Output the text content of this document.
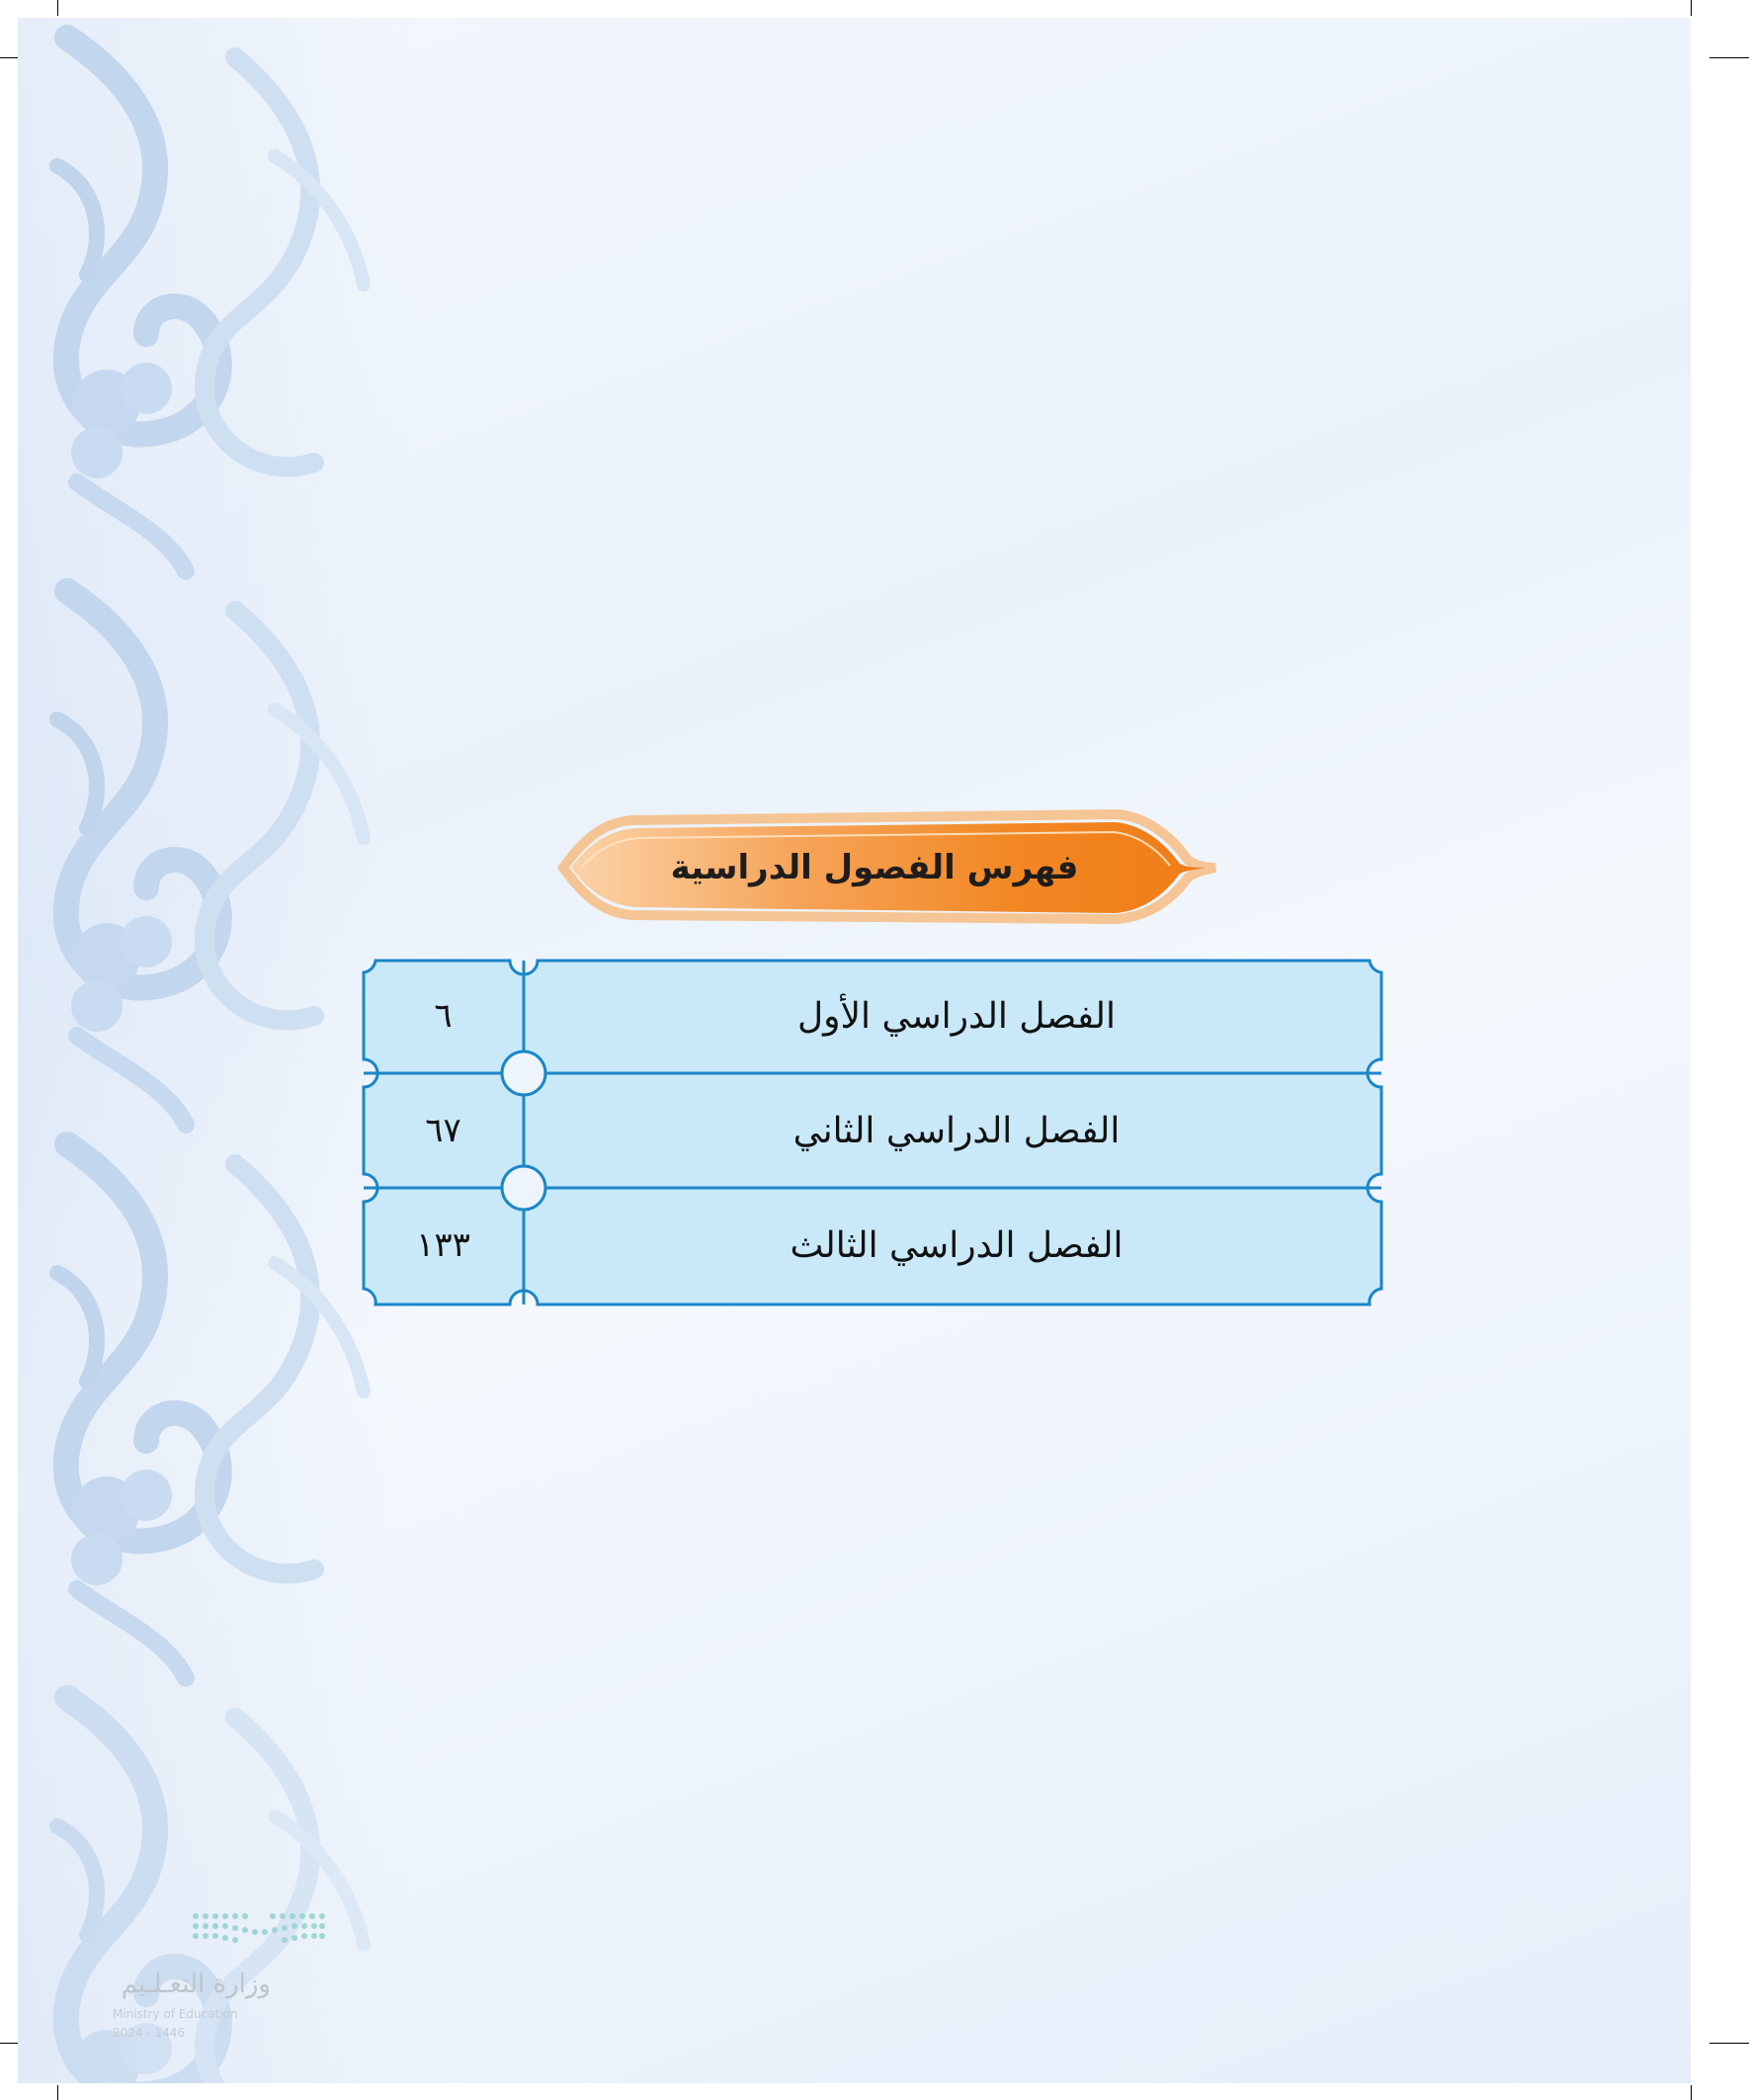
وزارة التعـلـيم
Ministry of Education
2024 - 1446
فهرس الفصول الدراسية
الفصل الدراسي الأول
٦
الفصل الدراسي الثاني
٦٧
الفصل الدراسي الثالث
١٣٣
